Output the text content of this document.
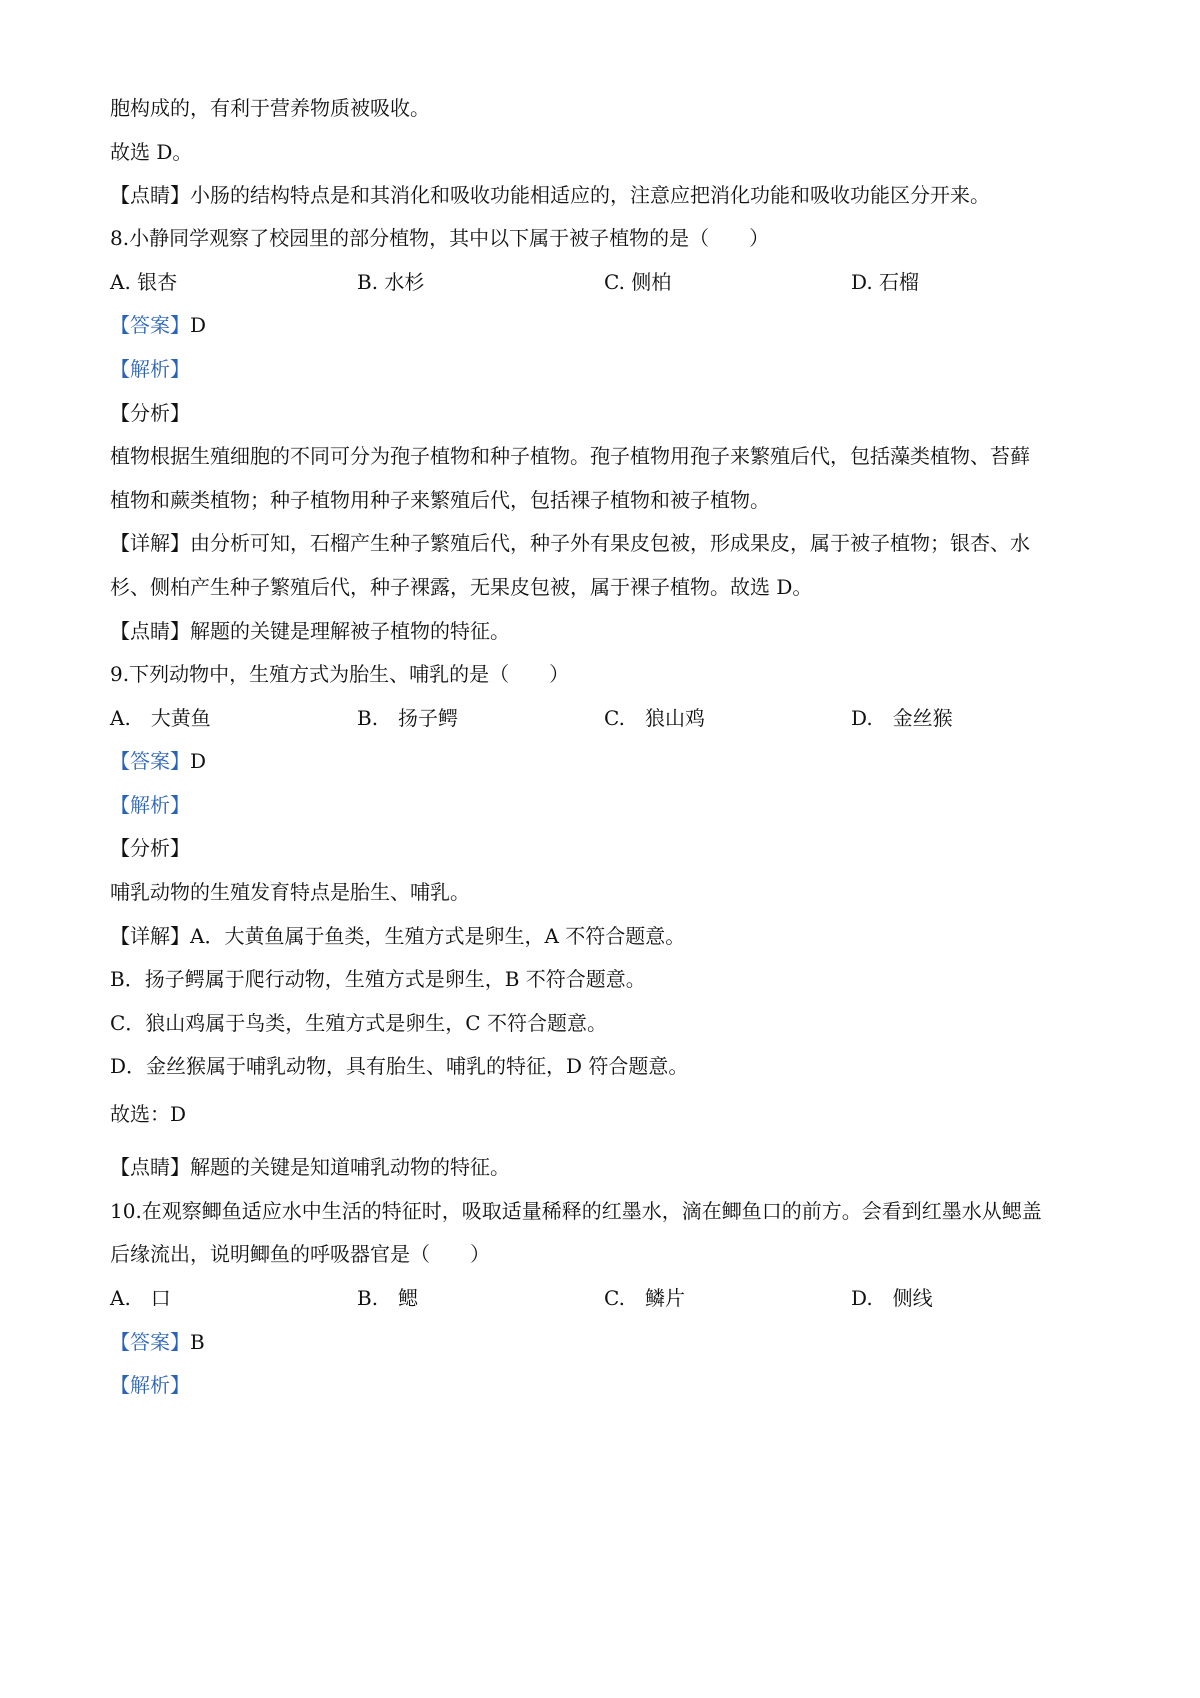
胞构成的，有利于营养物质被吸收。
故选 D。
【点睛】小肠的结构特点是和其消化和吸收功能相适应的，注意应把消化功能和吸收功能区分开来。
8.小静同学观察了校园里的部分植物，其中以下属于被子植物的是（　　）
A. 银杏	B. 水杉	C. 侧柏	D. 石榴
【答案】D
【解析】
【分析】
植物根据生殖细胞的不同可分为孢子植物和种子植物。孢子植物用孢子来繁殖后代，包括藻类植物、苔藓
植物和蕨类植物；种子植物用种子来繁殖后代，包括裸子植物和被子植物。
【详解】由分析可知，石榴产生种子繁殖后代，种子外有果皮包被，形成果皮，属于被子植物；银杏、水
杉、侧柏产生种子繁殖后代，种子裸露，无果皮包被，属于裸子植物。故选 D。
【点睛】解题的关键是理解被子植物的特征。
9.下列动物中，生殖方式为胎生、哺乳的是（　　）
A.　大黄鱼	B.　扬子鳄	C.　狼山鸡	D.　金丝猴
【答案】D
【解析】
【分析】
哺乳动物的生殖发育特点是胎生、哺乳。
【详解】A．大黄鱼属于鱼类，生殖方式是卵生，A 不符合题意。
B．扬子鳄属于爬行动物，生殖方式是卵生，B 不符合题意。
C．狼山鸡属于鸟类，生殖方式是卵生，C 不符合题意。
D．金丝猴属于哺乳动物，具有胎生、哺乳的特征，D 符合题意。
故选：D
【点睛】解题的关键是知道哺乳动物的特征。
10.在观察鲫鱼适应水中生活的特征时，吸取适量稀释的红墨水，滴在鲫鱼口的前方。会看到红墨水从鳃盖
后缘流出，说明鲫鱼的呼吸器官是（　　）
A.　口	B.　鳃	C.　鳞片	D.　侧线
【答案】B
【解析】
